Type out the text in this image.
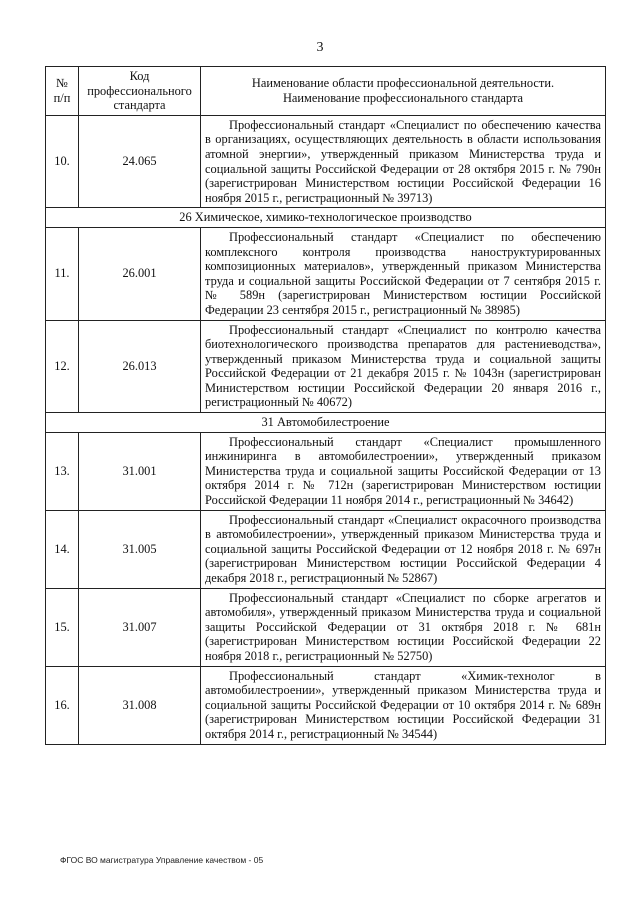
3
№ п/п	Код профессионального стандарта	Наименование области профессиональной деятельности.
Наименование профессионального стандарта

10.	24.065	Профессиональный стандарт «Специалист по обеспечению качества в организациях, осуществляющих деятельность в области использования атомной энергии», утвержденный приказом Министерства труда и социальной защиты Российской Федерации от 28 октября 2015 г. № 790н (зарегистрирован Министерством юстиции Российской Федерации 16 ноября 2015 г., регистрационный № 39713)
26 Химическое, химико-технологическое производство		
11.	26.001	Профессиональный стандарт «Специалист по обеспечению комплексного контроля производства наноструктурированных композиционных материалов», утвержденный приказом Министерства труда и социальной защиты Российской Федерации от 7 сентября 2015 г. № 589н (зарегистрирован Министерством юстиции Российской Федерации 23 сентября 2015 г., регистрационный № 38985)
12.	26.013	Профессиональный стандарт «Специалист по контролю качества биотехнологического производства препаратов для растениеводства», утвержденный приказом Министерства труда и социальной защиты Российской Федерации от 21 декабря 2015 г. № 1043н (зарегистрирован Министерством юстиции Российской Федерации 20 января 2016 г., регистрационный № 40672)
31 Автомобилестроение		
13.	31.001	Профессиональный стандарт «Специалист промышленного инжиниринга в автомобилестроении», утвержденный приказом Министерства труда и социальной защиты Российской Федерации от 13 октября 2014 г. № 712н (зарегистрирован Министерством юстиции Российской Федерации 11 ноября 2014 г., регистрационный № 34642)
14.	31.005	Профессиональный стандарт «Специалист окрасочного производства в автомобилестроении», утвержденный приказом Министерства труда и социальной защиты Российской Федерации от 12 ноября 2018 г. № 697н (зарегистрирован Министерством юстиции Российской Федерации 4 декабря 2018 г., регистрационный № 52867)
15.	31.007	Профессиональный стандарт «Специалист по сборке агрегатов и автомобиля», утвержденный приказом Министерства труда и социальной защиты Российской Федерации от 31 октября 2018 г. № 681н (зарегистрирован Министерством юстиции Российской Федерации 22 ноября 2018 г., регистрационный № 52750)
16.	31.008	Профессиональный стандарт «Химик-технолог в автомобилестроении», утвержденный приказом Министерства труда и социальной защиты Российской Федерации от 10 октября 2014 г. № 689н (зарегистрирован Министерством юстиции Российской Федерации 31 октября 2014 г., регистрационный № 34544)
ФГОС ВО магистратура Управление качеством - 05
